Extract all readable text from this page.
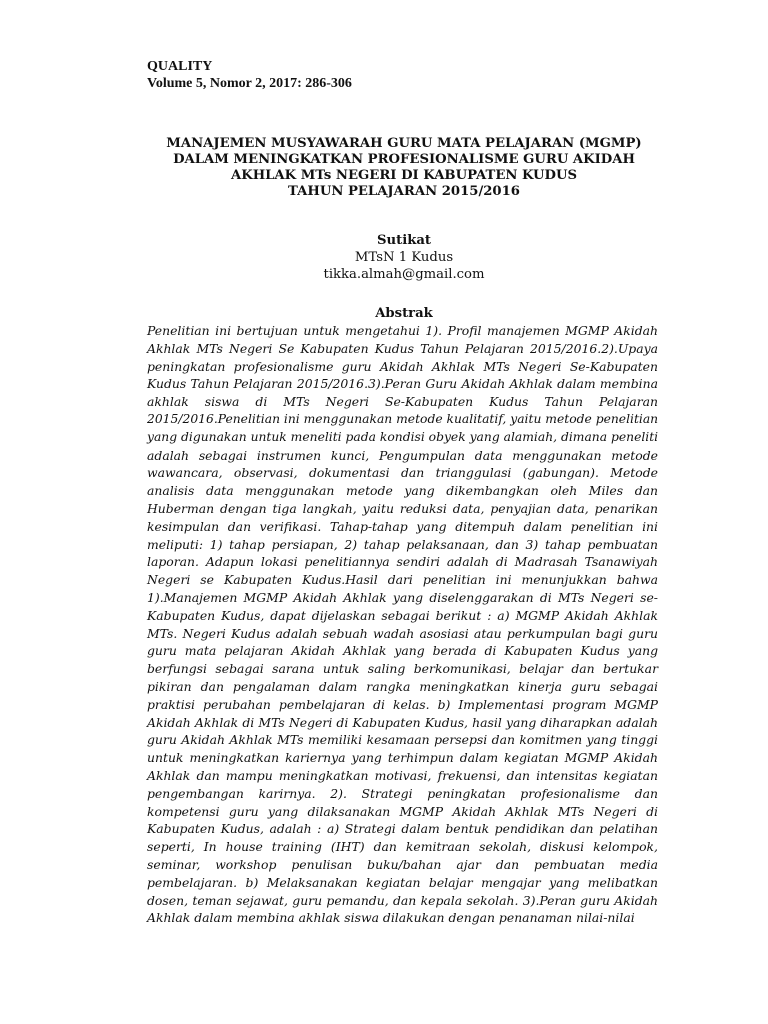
QUALITY
Volume 5, Nomor 2, 2017: 286-306
MANAJEMEN MUSYAWARAH GURU MATA PELAJARAN (MGMP)
DALAM MENINGKATKAN PROFESIONALISME GURU AKIDAH
AKHLAK MTs NEGERI DI KABUPATEN KUDUS
TAHUN PELAJARAN 2015/2016
Sutikat
MTsN 1 Kudus
tikka.almah@gmail.com
Abstrak
Penelitian ini bertujuan untuk mengetahui 1). Profil manajemen MGMP Akidah
Akhlak MTs Negeri Se Kabupaten Kudus Tahun Pelajaran 2015/2016.2).Upaya
peningkatan profesionalisme guru Akidah Akhlak MTs Negeri Se-Kabupaten
Kudus Tahun Pelajaran 2015/2016.3).Peran Guru Akidah Akhlak dalam membina
akhlak siswa di MTs Negeri Se-Kabupaten Kudus Tahun Pelajaran
2015/2016.Penelitian ini menggunakan metode kualitatif, yaitu metode penelitian
yang digunakan untuk meneliti pada kondisi obyek yang alamiah, dimana peneliti
adalah sebagai instrumen kunci, Pengumpulan data menggunakan metode
wawancara, observasi, dokumentasi dan trianggulasi (gabungan). Metode
analisis data menggunakan metode yang dikembangkan oleh Miles dan
Huberman dengan tiga langkah, yaitu reduksi data, penyajian data, penarikan
kesimpulan dan verifikasi. Tahap-tahap yang ditempuh dalam penelitian ini
meliputi: 1) tahap persiapan, 2) tahap pelaksanaan, dan 3) tahap pembuatan
laporan. Adapun lokasi penelitiannya sendiri adalah di Madrasah Tsanawiyah
Negeri se Kabupaten Kudus.Hasil dari penelitian ini menunjukkan bahwa
1).Manajemen MGMP Akidah Akhlak yang diselenggarakan di MTs Negeri se-
Kabupaten Kudus, dapat dijelaskan sebagai berikut : a) MGMP Akidah Akhlak
MTs. Negeri Kudus adalah sebuah wadah asosiasi atau perkumpulan bagi guru
guru mata pelajaran Akidah Akhlak yang berada di Kabupaten Kudus yang
berfungsi sebagai sarana untuk saling berkomunikasi, belajar dan bertukar
pikiran dan pengalaman dalam rangka meningkatkan kinerja guru sebagai
praktisi perubahan pembelajaran di kelas. b) Implementasi program MGMP
Akidah Akhlak di MTs Negeri di Kabupaten Kudus, hasil yang diharapkan adalah
guru Akidah Akhlak MTs memiliki kesamaan persepsi dan komitmen yang tinggi
untuk meningkatkan kariernya yang terhimpun dalam kegiatan MGMP Akidah
Akhlak dan mampu meningkatkan motivasi, frekuensi, dan intensitas kegiatan
pengembangan karirnya. 2). Strategi peningkatan profesionalisme dan
kompetensi guru yang dilaksanakan MGMP Akidah Akhlak MTs Negeri di
Kabupaten Kudus, adalah : a) Strategi dalam bentuk pendidikan dan pelatihan
seperti, In house training (IHT) dan kemitraan sekolah, diskusi kelompok,
seminar, workshop penulisan buku/bahan ajar dan pembuatan media
pembelajaran. b) Melaksanakan kegiatan belajar mengajar yang melibatkan
dosen, teman sejawat, guru pemandu, dan kepala sekolah. 3).Peran guru Akidah
Akhlak dalam membina akhlak siswa dilakukan dengan penanaman nilai-nilai
